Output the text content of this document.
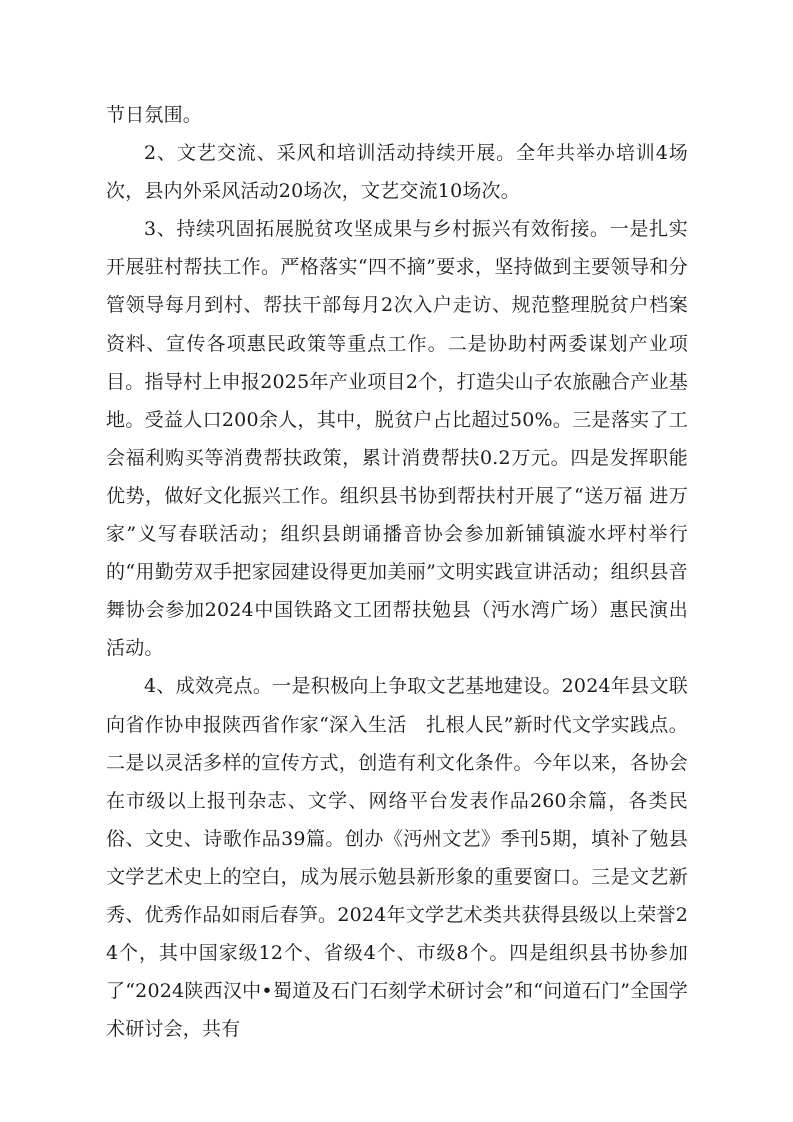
节日氛围。

2、文艺交流、采风和培训活动持续开展。全年共举办培训4场次，县内外采风活动20场次，文艺交流10场次。

3、持续巩固拓展脱贫攻坚成果与乡村振兴有效衔接。一是扎实开展驻村帮扶工作。严格落实“四不摘”要求，坚持做到主要领导和分管领导每月到村、帮扶干部每月2次入户走访、规范整理脱贫户档案资料、宣传各项惠民政策等重点工作。二是协助村两委谋划产业项目。指导村上申报2025年产业项目2个，打造尖山子农旅融合产业基地。受益人口200余人，其中，脱贫户占比超过50%。三是落实了工会福利购买等消费帮扶政策，累计消费帮扶0.2万元。四是发挥职能优势，做好文化振兴工作。组织县书协到帮扶村开展了“送万福 进万家”义写春联活动；组织县朗诵播音协会参加新铺镇漩水坪村举行的“用勤劳双手把家园建设得更加美丽”文明实践宣讲活动；组织县音舞协会参加2024中国铁路文工团帮扶勉县（沔水湾广场）惠民演出活动。

4、成效亮点。一是积极向上争取文艺基地建设。2024年县文联向省作协申报陕西省作家“深入生活　扎根人民”新时代文学实践点。二是以灵活多样的宣传方式，创造有利文化条件。今年以来，各协会在市级以上报刊杂志、文学、网络平台发表作品260余篇，各类民俗、文史、诗歌作品39篇。创办《沔州文艺》季刊5期，填补了勉县文学艺术史上的空白，成为展示勉县新形象的重要窗口。三是文艺新秀、优秀作品如雨后春笋。2024年文学艺术类共获得县级以上荣誉24个，其中国家级12个、省级4个、市级8个。四是组织县书协参加了“2024陕西汉中•蜀道及石门石刻学术研讨会”和“问道石门”全国学术研讨会，共有
